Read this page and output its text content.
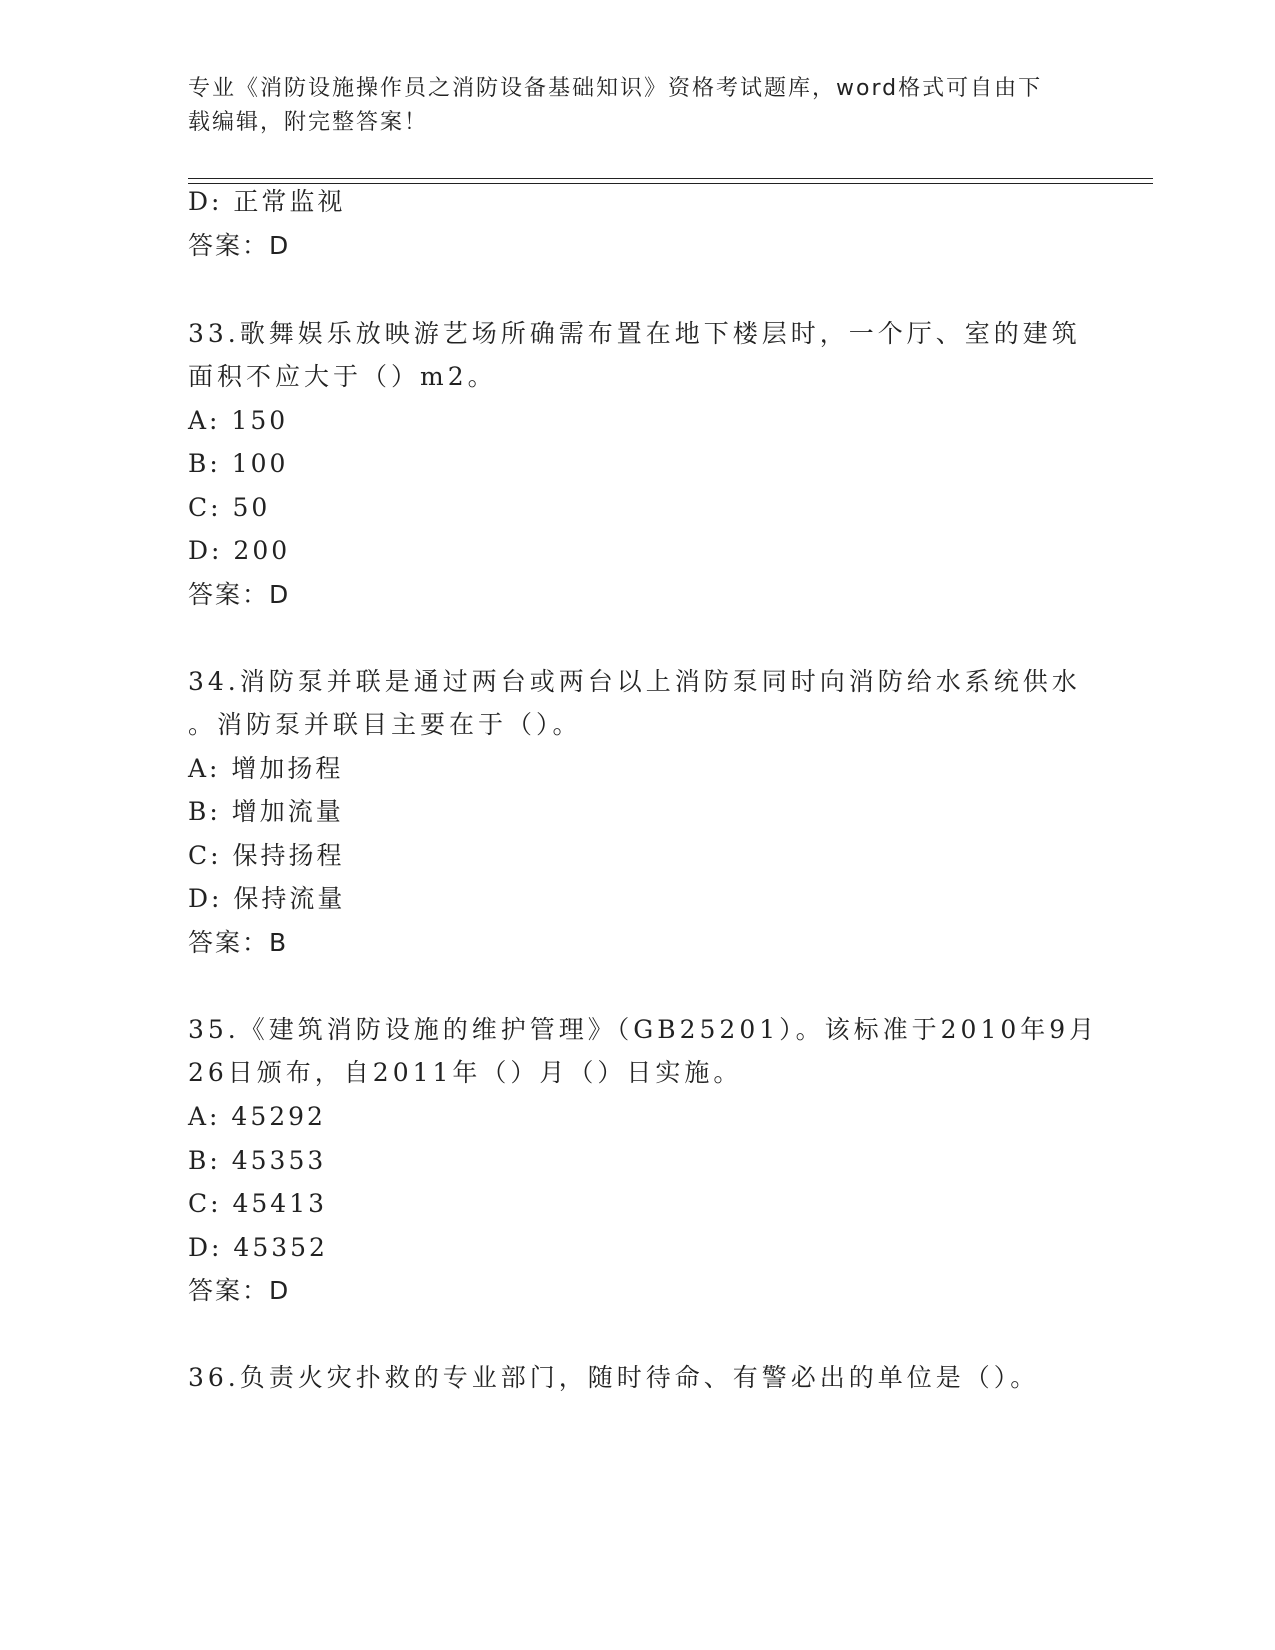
专业《消防设施操作员之消防设备基础知识》资格考试题库，word格式可自由下
载编辑，附完整答案！
D: 正常监视
答案：D
33.歌舞娱乐放映游艺场所确需布置在地下楼层时，一个厅、室的建筑
面积不应大于（）m2。
A: 150
B: 100
C: 50
D: 200
答案：D
34.消防泵并联是通过两台或两台以上消防泵同时向消防给水系统供水
。消防泵并联目主要在于（）。
A: 增加扬程
B: 增加流量
C: 保持扬程
D: 保持流量
答案：B
35.《建筑消防设施的维护管理》（GB25201）。该标准于2010年9月
26日颁布，自2011年（）月（）日实施。
A: 45292
B: 45353
C: 45413
D: 45352
答案：D
36.负责火灾扑救的专业部门，随时待命、有警必出的单位是（）。
